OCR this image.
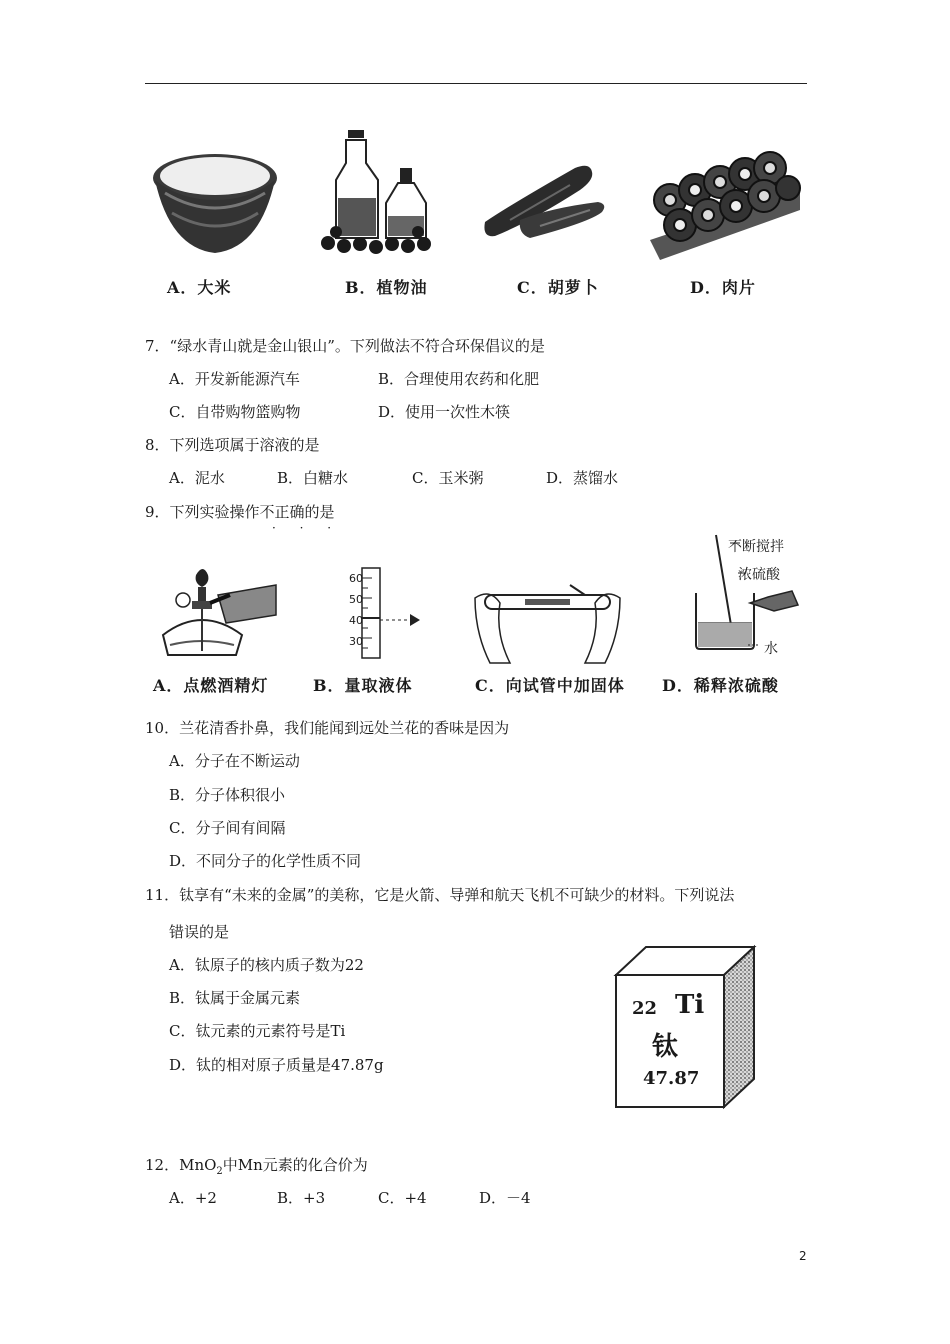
A．大米	B．植物油	C．胡萝卜	D．肉片
7．“绿水青山就是金山银山”。下列做法不符合环保倡议的是
A．开发新能源汽车	B．合理使用农药和化肥
C．自带购物篮购物	D．使用一次性木筷
8．下列选项属于溶液的是
A．泥水	B．白糖水	C．玉米粥	D．蒸馏水
9．下列实验操作不正确的是
· · ·
60
50
40
30
不断搅拌
浓硫酸
水
A．点燃酒精灯	B．量取液体	C．向试管中加固体 D．稀释浓硫酸
10．兰花清香扑鼻，我们能闻到远处兰花的香味是因为
A．分子在不断运动
B．分子体积很小
C．分子间有间隔
D．不同分子的化学性质不同
11．钛享有“未来的金属”的美称，它是火箭、导弹和航天飞机不可缺少的材料。下列说法
错误的是
A．钛原子的核内质子数为22
B．钛属于金属元素
C．钛元素的元素符号是Ti
D．钛的相对原子质量是47.87g
22 Ti
钛
47.87
12．MnO$_2$中Mn元素的化合价为
A．+2	B．+3	C．+4	D．－4
2
